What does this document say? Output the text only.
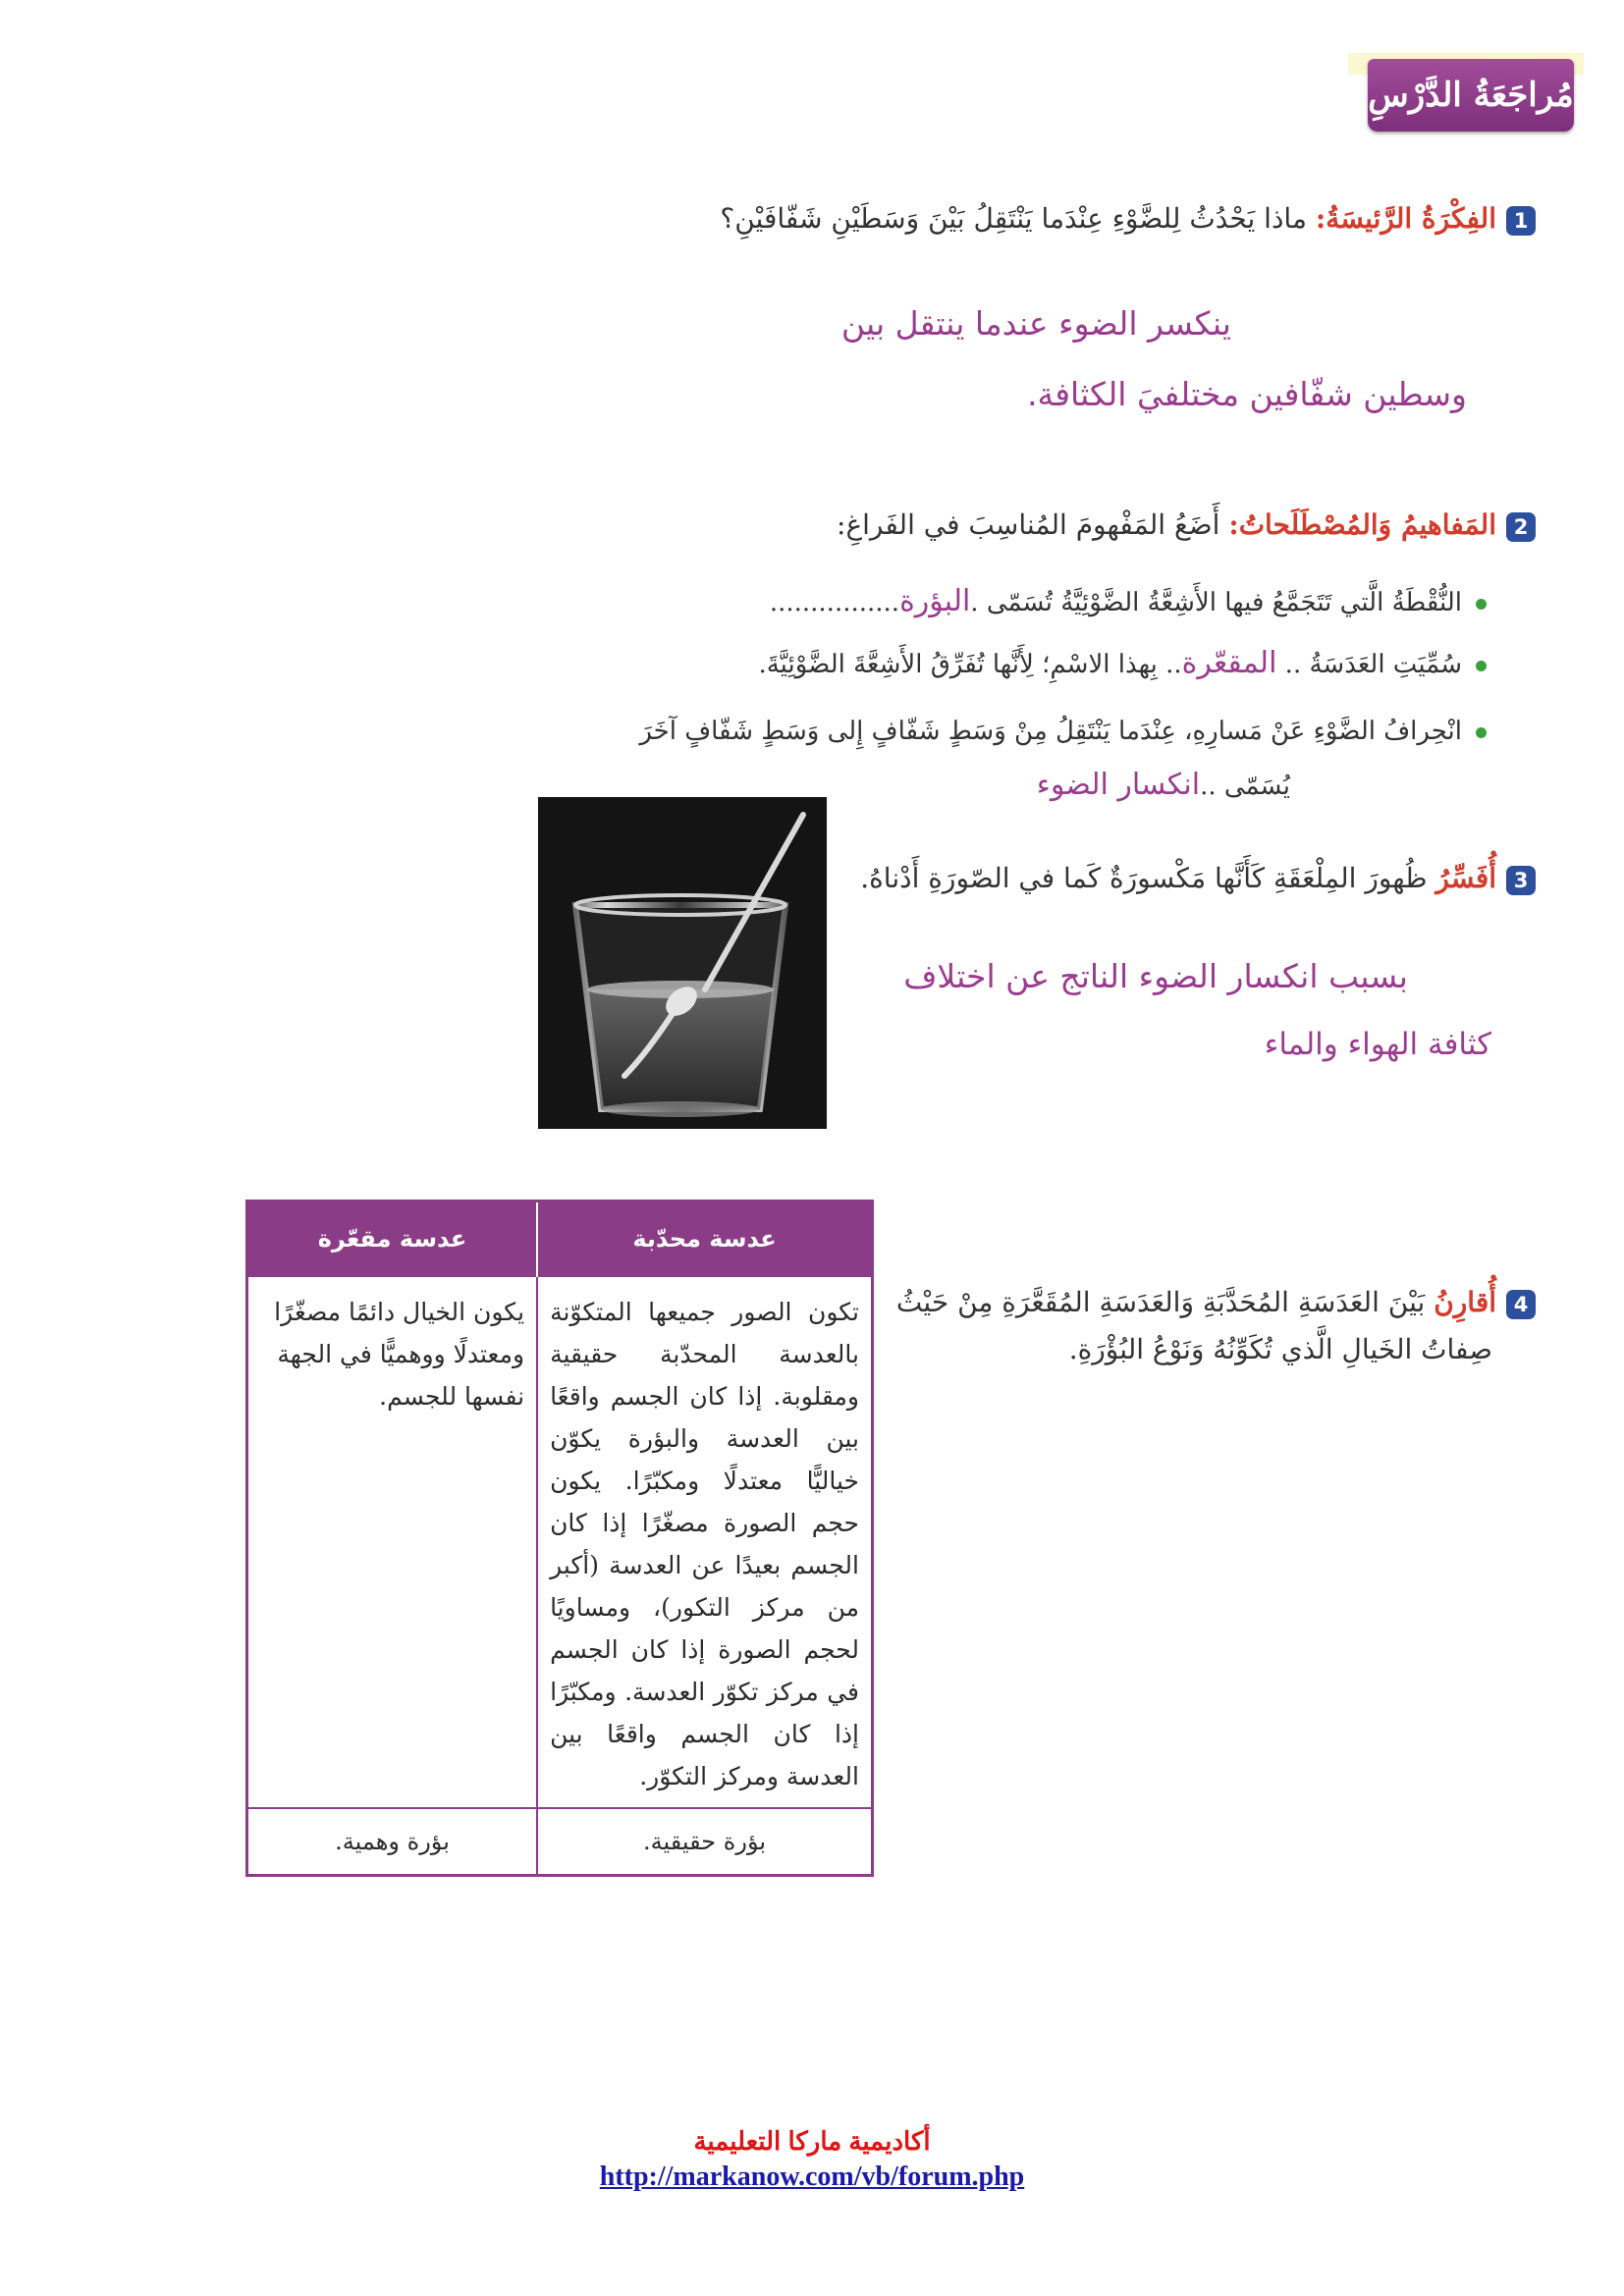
مُراجَعَةُ الدَّرْسِ
1الفِكْرَةُ الرَّئيسَةُ: ماذا يَحْدُثُ لِلضَّوْءِ عِنْدَما يَنْتَقِلُ بَيْنَ وَسَطَيْنِ شَفّافَيْنِ؟
ينكسر الضوء عندما ينتقل بين
وسطين شفّافين مختلفيَ الكثافة.
2المَفاهيمُ وَالمُصْطَلَحاتُ: أَضَعُ المَفْهومَ المُناسِبَ في الفَراغِ:
النُّقْطَةُ الَّتي تَتَجَمَّعُ فيها الأَشِعَّةُ الضَّوْئِيَّةُ تُسَمّى .البؤرة................
سُمِّيَتِ العَدَسَةُ .. المقعّرة.. بِهذا الاسْمِ؛ لِأَنَّها تُفَرِّقُ الأَشِعَّةَ الضَّوْئِيَّةَ.
انْحِرافُ الضَّوْءِ عَنْ مَسارِهِ، عِنْدَما يَنْتَقِلُ مِنْ وَسَطٍ شَفّافٍ إِلى وَسَطٍ شَفّافٍ آخَرَ
يُسَمّى ..انكسار الضوء
3أُفَسِّرُ ظُهورَ المِلْعَقَةِ كَأَنَّها مَكْسورَةٌ كَما في الصّورَةِ أَدْناهُ.
بسبب انكسار الضوء الناتج عن اختلاف
كثافة الهواء والماء
4أُقارِنُ بَيْنَ العَدَسَةِ المُحَدَّبَةِ وَالعَدَسَةِ المُقَعَّرَةِ مِنْ حَيْثُ
صِفاتُ الخَيالِ الَّذي تُكَوِّنُهُ وَنَوْعُ البُؤْرَةِ.
عدسة محدّبة	عدسة مقعّرة
تكون الصور جميعها المتكوّنة بالعدسة المحدّبة حقيقية ومقلوبة. إذا كان الجسم واقعًا بين العدسة والبؤرة يكوّن خياليًّا معتدلًا ومكبّرًا. يكون حجم الصورة مصغّرًا إذا كان الجسم بعيدًا عن العدسة (أكبر من مركز التكور)، ومساويًا لحجم الصورة إذا كان الجسم في مركز تكوّر العدسة. ومكبّرًا إذا كان الجسم واقعًا بين العدسة ومركز التكوّر.	يكون الخيال دائمًا مصغّرًا ومعتدلًا ووهميًّا في الجهة نفسها للجسم.
بؤرة حقيقية.	بؤرة وهمية.
أكاديمية ماركا التعليمية
http://markanow.com/vb/forum.php
